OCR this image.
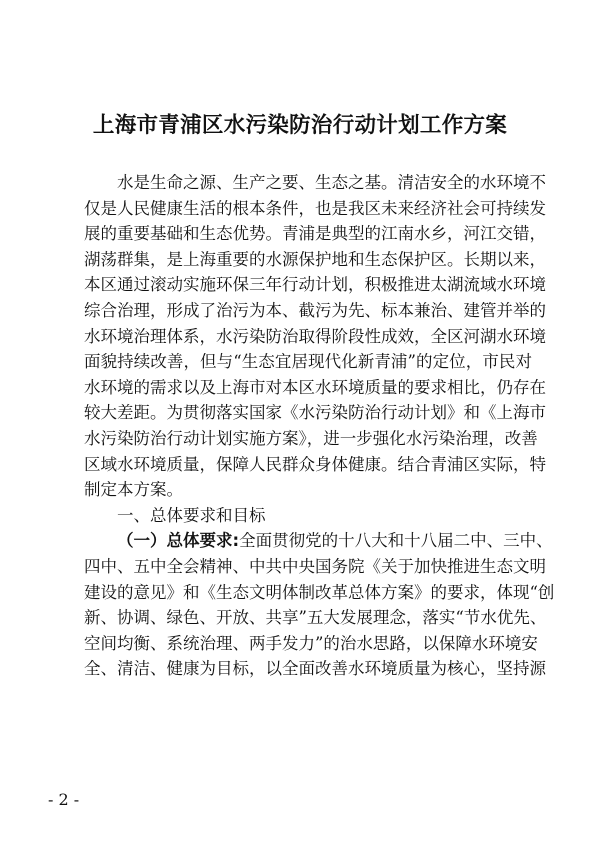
上海市青浦区水污染防治行动计划工作方案
水是生命之源、生产之要、生态之基。清洁安全的水环境不
仅是人民健康生活的根本条件，也是我区未来经济社会可持续发
展的重要基础和生态优势。青浦是典型的江南水乡，河江交错，
湖荡群集，是上海重要的水源保护地和生态保护区。长期以来，
本区通过滚动实施环保三年行动计划，积极推进太湖流域水环境
综合治理，形成了治污为本、截污为先、标本兼治、建管并举的
水环境治理体系，水污染防治取得阶段性成效，全区河湖水环境
面貌持续改善，但与“生态宜居现代化新青浦”的定位，市民对
水环境的需求以及上海市对本区水环境质量的要求相比，仍存在
较大差距。为贯彻落实国家《水污染防治行动计划》和《上海市
水污染防治行动计划实施方案》，进一步强化水污染治理，改善
区域水环境质量，保障人民群众身体健康。结合青浦区实际，特
制定本方案。
一、总体要求和目标
（一）总体要求:全面贯彻党的十八大和十八届二中、三中、
四中、五中全会精神、中共中央国务院《关于加快推进生态文明
建设的意见》和《生态文明体制改革总体方案》的要求，体现“创
新、协调、绿色、开放、共享”五大发展理念，落实“节水优先、
空间均衡、系统治理、两手发力”的治水思路，以保障水环境安
全、清洁、健康为目标，以全面改善水环境质量为核心，坚持源
- 2 -
